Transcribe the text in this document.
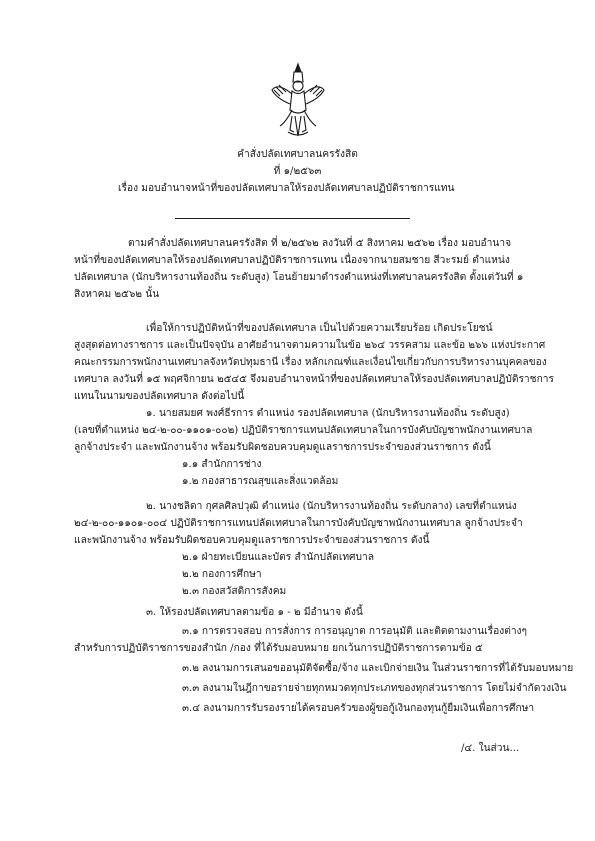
คำสั่งปลัดเทศบาลนครรังสิต
ที่ ๑/๒๕๖๓
เรื่อง มอบอำนาจหน้าที่ของปลัดเทศบาลให้รองปลัดเทศบาลปฏิบัติราชการแทน
ตามคำสั่งปลัดเทศบาลนครรังสิต ที่ ๒/๒๕๖๒ ลงวันที่ ๕ สิงหาคม ๒๕๖๒ เรื่อง มอบอำนาจ
หน้าที่ของปลัดเทศบาลให้รองปลัดเทศบาลปฏิบัติราชการแทน เนื่องจากนายสมชาย สีวะรมย์ ตำแหน่ง
ปลัดเทศบาล (นักบริหารงานท้องถิ่น ระดับสูง) โอนย้ายมาดำรงตำแหน่งที่เทศบาลนครรังสิต ตั้งแต่วันที่ ๑
สิงหาคม ๒๕๖๒ นั้น
เพื่อให้การปฏิบัติหน้าที่ของปลัดเทศบาล เป็นไปด้วยความเรียบร้อย เกิดประโยชน์
สูงสุดต่อทางราชการ และเป็นปัจจุบัน อาศัยอำนาจตามความในข้อ ๒๖๔ วรรคสาม และข้อ ๒๖๖ แห่งประกาศ
คณะกรรมการพนักงานเทศบาลจังหวัดปทุมธานี เรื่อง หลักเกณฑ์และเงื่อนไขเกี่ยวกับการบริหารงานบุคคลของ
เทศบาล ลงวันที่ ๑๕ พฤศจิกายน ๒๕๔๕ จึงมอบอำนาจหน้าที่ของปลัดเทศบาลให้รองปลัดเทศบาลปฏิบัติราชการ
แทนในนามของปลัดเทศบาล ดังต่อไปนี้
๑. นายสมยศ พงศ์ธีรการ ตำแหน่ง รองปลัดเทศบาล (นักบริหารงานท้องถิ่น ระดับสูง)
(เลขที่ตำแหน่ง ๒๔-๒-๐๐-๑๑๐๑-๐๐๒) ปฏิบัติราชการแทนปลัดเทศบาลในการบังคับบัญชาพนักงานเทศบาล
ลูกจ้างประจำ และพนักงานจ้าง พร้อมรับผิดชอบควบคุมดูแลราชการประจำของส่วนราชการ ดังนี้
๑.๑ สำนักการช่าง
๑.๒ กองสาธารณสุขและสิ่งแวดล้อม
๒. นางชลิดา กุศลศิลปวุฒิ ตำแหน่ง (นักบริหารงานท้องถิ่น ระดับกลาง) เลขที่ตำแหน่ง
๒๔-๒-๐๐-๑๑๐๑-๐๐๔ ปฏิบัติราชการแทนปลัดเทศบาลในการบังคับบัญชาพนักงานเทศบาล ลูกจ้างประจำ
และพนักงานจ้าง พร้อมรับผิดชอบควบคุมดูแลราชการประจำของส่วนราชการ ดังนี้
๒.๑ ฝ่ายทะเบียนและบัตร สำนักปลัดเทศบาล
๒.๒ กองการศึกษา
๒.๓ กองสวัสดิการสังคม
๓. ให้รองปลัดเทศบาลตามข้อ ๑ - ๒ มีอำนาจ ดังนี้
๓.๑ การตรวจสอบ การสั่งการ การอนุญาต การอนุมัติ และติดตามงานเรื่องต่างๆ
สำหรับการปฏิบัติราชการของสำนัก /กอง ที่ได้รับมอบหมาย ยกเว้นการปฏิบัติราชการตามข้อ ๕
๓.๒ ลงนามการเสนอขออนุมัติจัดซื้อ/จ้าง และเบิกจ่ายเงิน ในส่วนราชการที่ได้รับมอบหมาย
๓.๓ ลงนามในฎีกาขอรายจ่ายทุกหมวดทุกประเภทของทุกส่วนราชการ โดยไม่จำกัดวงเงิน
๓.๔ ลงนามการรับรองรายได้ครอบครัวของผู้ขอกู้เงินกองทุนกู้ยืมเงินเพื่อการศึกษา
/๔. ในส่วน...
